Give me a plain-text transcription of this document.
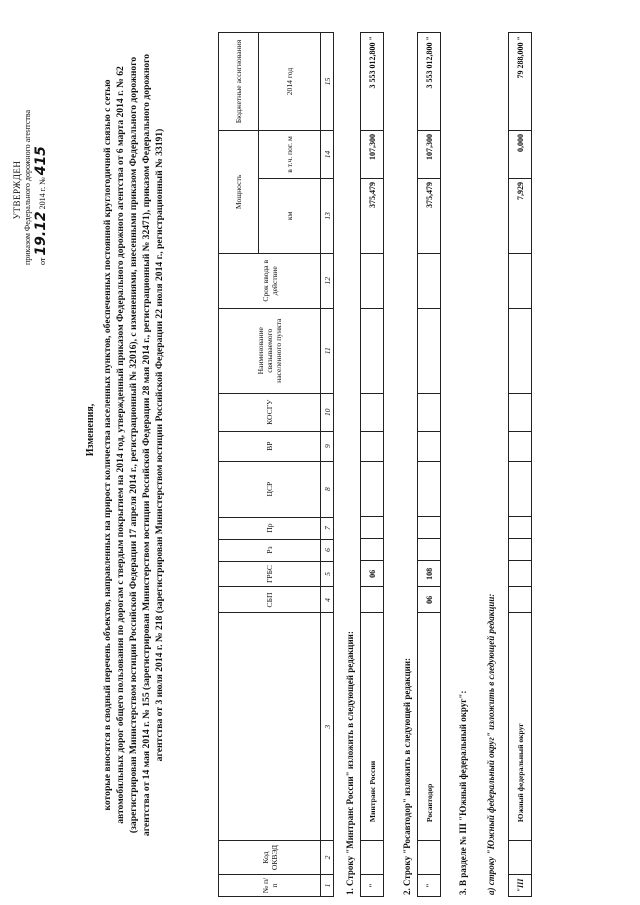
УТВЕРЖДЕН приказом Федерального дорожного агентства от 19.12 2014 г. № 415
Изменения, которые вносятся в сводный перечень объектов, направленных на прирост количества населенных пунктов, обеспеченных постоянной круглогодичной связью с сетью автомобильных дорог общего пользования по дорогам с твердым покрытием на 2014 год, утвержденный приказом Федерального дорожного агентства от 6 марта 2014 г. № 62 (зарегистрирован Министерством юстиции Российской Федерации 17 апреля 2014 г., регистрационный № 32016), с изменениями, внесенными приказом Федерального дорожного агентства от 14 мая 2014 г. № 155 (зарегистрирован Министерством юстиции Российской Федерации 28 мая 2014 г., регистрационный № 32471), приказом Федерального дорожного агентства от 3 июля 2014 г. № 218 (зарегистрирован Министерством юстиции Российской Федерации 22 июля 2014 г., регистрационный № 33191)
№ п/п	Код ОКВЭД		СБП	ГРБС	Рз	Пр	ЦСР	ВР	КОСГУ	Наименование связываемого населенного пункта	Срок ввода в действие	Мощность		Бюджетные ассигнования
												км	в т.ч. пог. м	2014 год
1	2	3	4	5	6	7	8	9	10	11	12	13	14	15
1. Строку "Минтранс России" изложить в следующей редакции: "		Минтранс России		06								375,479	107,300	3 553 012,800 "
2. Строку "Росавтодор" изложить в следующей редакции: "		Росавтодор	06	108								375,479	107,300	3 553 012,800 "
3. В разделе № III "Южный федеральный округ": а) строку "Южный федеральный округ" изложить в следующей редакции: "III		Южный федеральный округ										7,929	0,000	79 288,000 "
